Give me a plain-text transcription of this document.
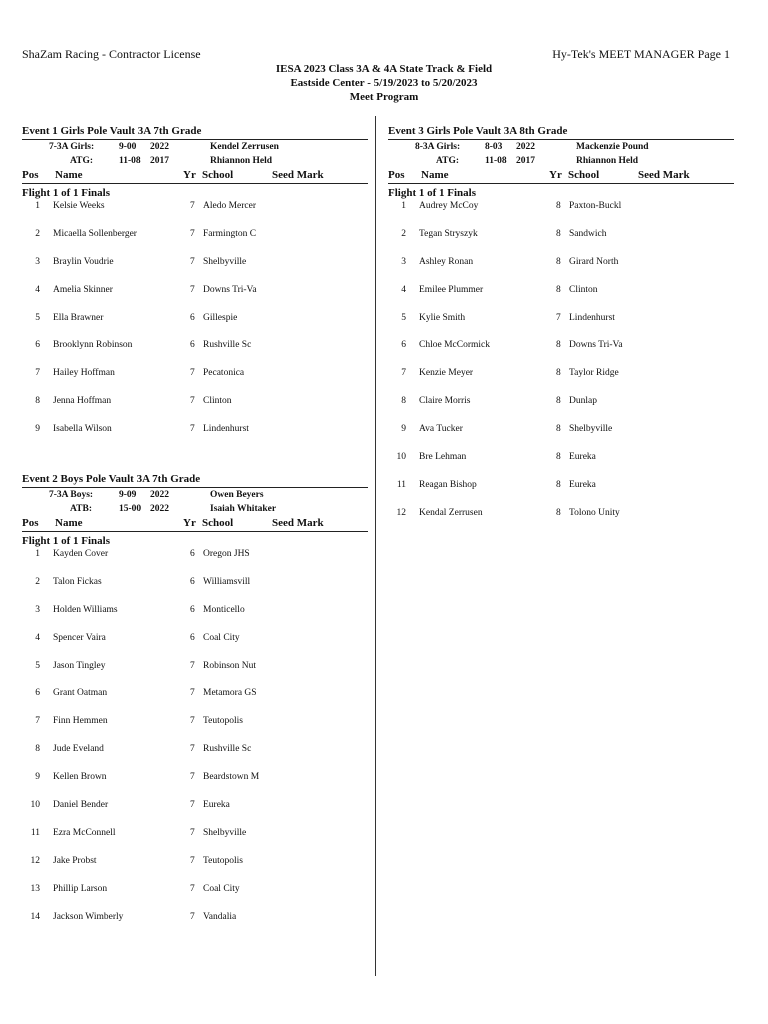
ShaZam Racing - Contractor License	Hy-Tek's MEET MANAGER Page 1
IESA 2023 Class 3A & 4A State Track & Field
Eastside Center - 5/19/2023 to 5/20/2023
Meet Program
Event 1 Girls Pole Vault 3A 7th Grade
7-3A Girls:	9-00 2022	Kendel Zerrusen
ATG:	11-08 2017	Rhiannon Held
Pos Name	Yr School	Seed Mark
Flight 1 of 1 Finals
1 Kelsie Weeks	7 Aledo Mercer
2 Micaella Sollenberger	7 Farmington C
3 Braylin Voudrie	7 Shelbyville
4 Amelia Skinner	7 Downs Tri-Va
5 Ella Brawner	6 Gillespie
6 Brooklynn Robinson	6 Rushville Sc
7 Hailey Hoffman	7 Pecatonica
8 Jenna Hoffman	7 Clinton
9 Isabella Wilson	7 Lindenhurst
Event 2 Boys Pole Vault 3A 7th Grade
7-3A Boys:	9-09 2022	Owen Beyers
ATB:	15-00 2022	Isaiah Whitaker
Pos Name	Yr School	Seed Mark
Flight 1 of 1 Finals
1 Kayden Cover	6 Oregon JHS
2 Talon Fickas	6 Williamsvill
3 Holden Williams	6 Monticello
4 Spencer Vaira	6 Coal City
5 Jason Tingley	7 Robinson Nut
6 Grant Oatman	7 Metamora GS
7 Finn Hemmen	7 Teutopolis
8 Jude Eveland	7 Rushville Sc
9 Kellen Brown	7 Beardstown M
10 Daniel Bender	7 Eureka
11 Ezra McConnell	7 Shelbyville
12 Jake Probst	7 Teutopolis
13 Phillip Larson	7 Coal City
14 Jackson Wimberly	7 Vandalia
Event 3 Girls Pole Vault 3A 8th Grade
8-3A Girls:	8-03 2022	Mackenzie Pound
ATG:	11-08 2017	Rhiannon Held
Pos Name	Yr School	Seed Mark
Flight 1 of 1 Finals
1 Audrey McCoy	8 Paxton-Buckl
2 Tegan Stryszyk	8 Sandwich
3 Ashley Ronan	8 Girard North
4 Emilee Plummer	8 Clinton
5 Kylie Smith	7 Lindenhurst
6 Chloe McCormick	8 Downs Tri-Va
7 Kenzie Meyer	8 Taylor Ridge
8 Claire Morris	8 Dunlap
9 Ava Tucker	8 Shelbyville
10 Bre Lehman	8 Eureka
11 Reagan Bishop	8 Eureka
12 Kendal Zerrusen	8 Tolono Unity
